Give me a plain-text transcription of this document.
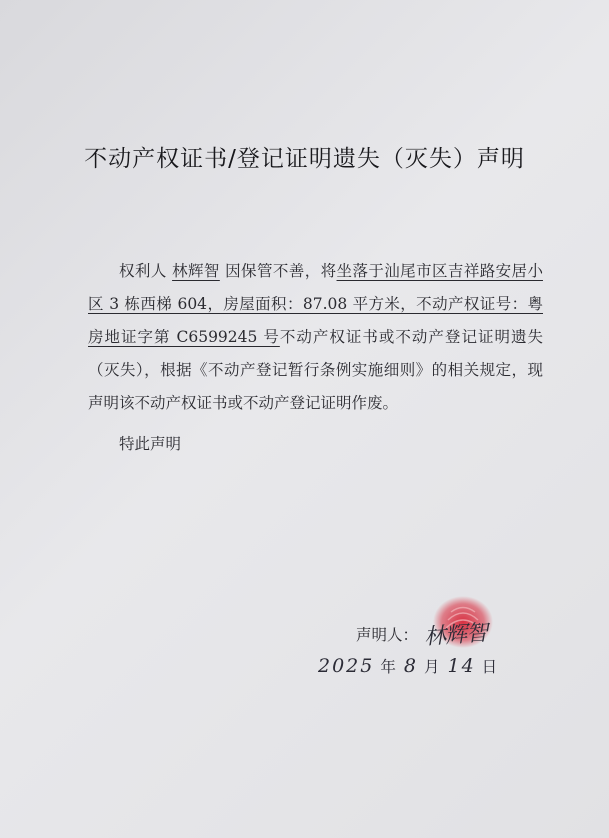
不动产权证书/登记证明遗失（灭失）声明

权利人 林辉智 因保管不善，将坐落于汕尾市区吉祥路安居小区 3 栋西梯 604，房屋面积：87.08 平方米，不动产权证号：粤房地证字第 C6599245 号不动产权证书或不动产登记证明遗失（灭失），根据《不动产登记暂行条例实施细则》的相关规定，现声明该不动产权证书或不动产登记证明作废。

特此声明

声明人： 林辉智
2025 年 8 月 14 日
